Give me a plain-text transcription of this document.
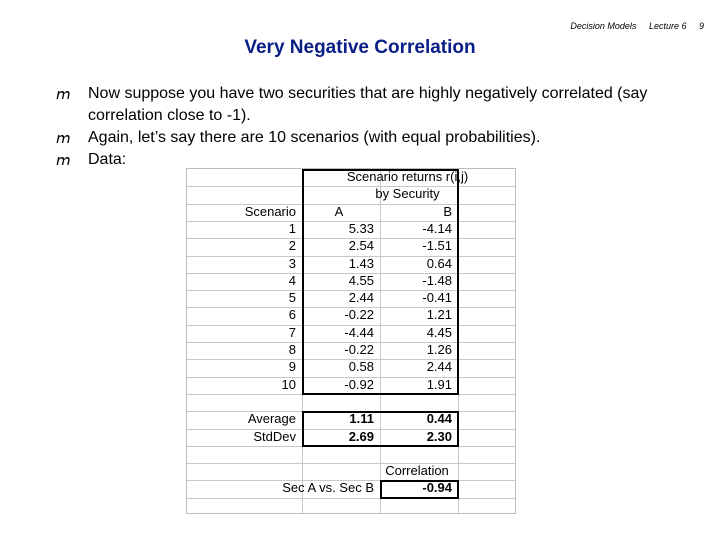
Decision Models Lecture 6 9
Very Negative Correlation
𝘮 Now suppose you have two securities that are highly negatively correlated (say correlation close to -1).
𝘮 Again, let’s say there are 10 scenarios (with equal probabilities).
𝘮 Data:
Scenario returns r(i,j)
by Security
Scenario	A	B
1	5.33	-4.14
2	2.54	-1.51
3	1.43	0.64
4	4.55	-1.48
5	2.44	-0.41
6	-0.22	1.21
7	-4.44	4.45
8	-0.22	1.26
9	0.58	2.44
10	-0.92	1.91
Average	1.11	0.44
StdDev	2.69	2.30
Correlation
Sec A vs. Sec B	-0.94
